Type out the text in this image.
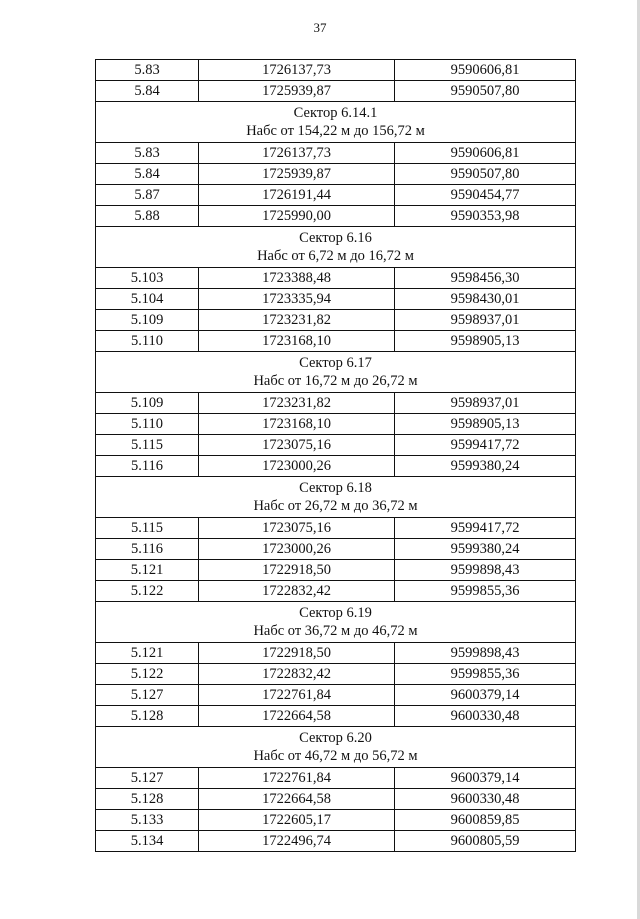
37
5.83	1726137,73	9590606,81
5.84	1725939,87	9590507,80

Сектор 6.14.1
Набс от 154,22 м до 156,72 м		

5.83	1726137,73	9590606,81
5.84	1725939,87	9590507,80
5.87	1726191,44	9590454,77
5.88	1725990,00	9590353,98

Сектор 6.16
Набс от 6,72 м до 16,72 м		

5.103	1723388,48	9598456,30
5.104	1723335,94	9598430,01
5.109	1723231,82	9598937,01
5.110	1723168,10	9598905,13

Сектор 6.17
Набс от 16,72 м до 26,72 м		

5.109	1723231,82	9598937,01
5.110	1723168,10	9598905,13
5.115	1723075,16	9599417,72
5.116	1723000,26	9599380,24

Сектор 6.18
Набс от 26,72 м до 36,72 м		

5.115	1723075,16	9599417,72
5.116	1723000,26	9599380,24
5.121	1722918,50	9599898,43
5.122	1722832,42	9599855,36

Сектор 6.19
Набс от 36,72 м до 46,72 м		

5.121	1722918,50	9599898,43
5.122	1722832,42	9599855,36
5.127	1722761,84	9600379,14
5.128	1722664,58	9600330,48

Сектор 6.20
Набс от 46,72 м до 56,72 м		

5.127	1722761,84	9600379,14
5.128	1722664,58	9600330,48
5.133	1722605,17	9600859,85
5.134	1722496,74	9600805,59
